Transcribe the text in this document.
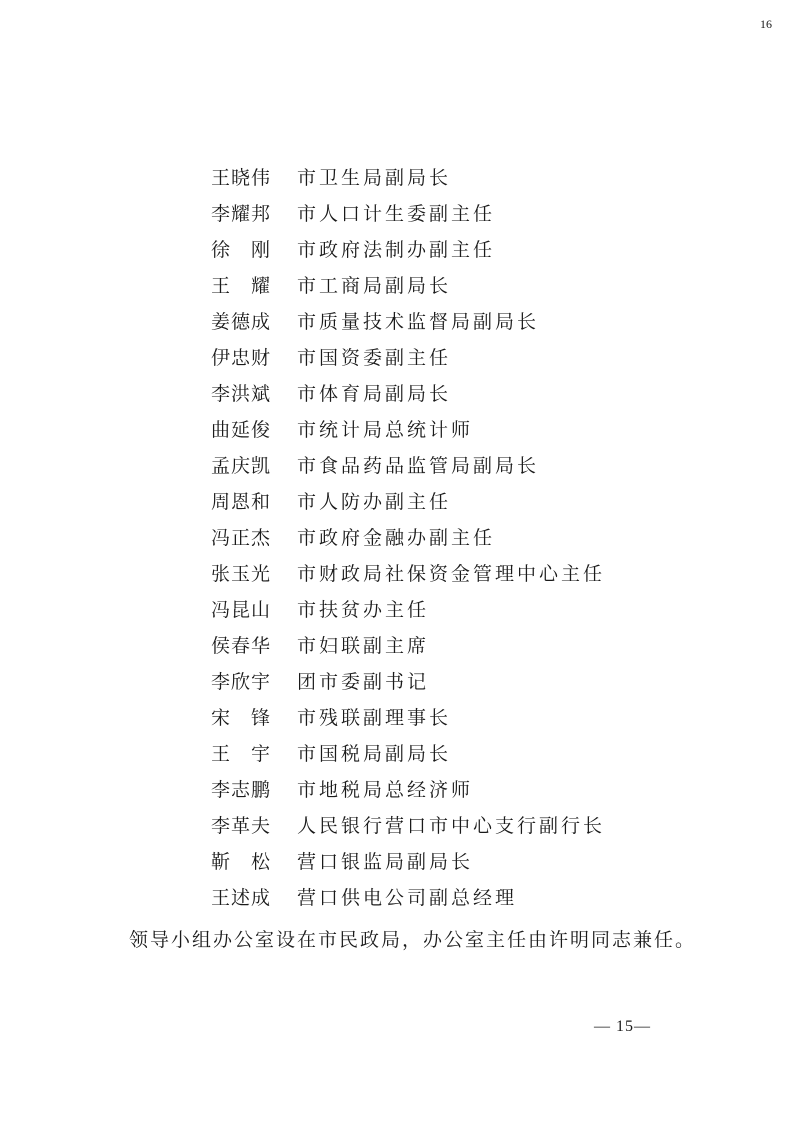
16
王晓伟 市卫生局副局长
李耀邦 市人口计生委副主任
徐　刚 市政府法制办副主任
王　耀 市工商局副局长
姜德成 市质量技术监督局副局长
伊忠财 市国资委副主任
李洪斌 市体育局副局长
曲延俊 市统计局总统计师
孟庆凯 市食品药品监管局副局长
周恩和 市人防办副主任
冯正杰 市政府金融办副主任
张玉光 市财政局社保资金管理中心主任
冯昆山 市扶贫办主任
侯春华 市妇联副主席
李欣宇 团市委副书记
宋　锋 市残联副理事长
王　宇 市国税局副局长
李志鹏 市地税局总经济师
李革夫 人民银行营口市中心支行副行长
靳　松 营口银监局副局长
王述成 营口供电公司副总经理
领导小组办公室设在市民政局，办公室主任由许明同志兼任。
— 15—
